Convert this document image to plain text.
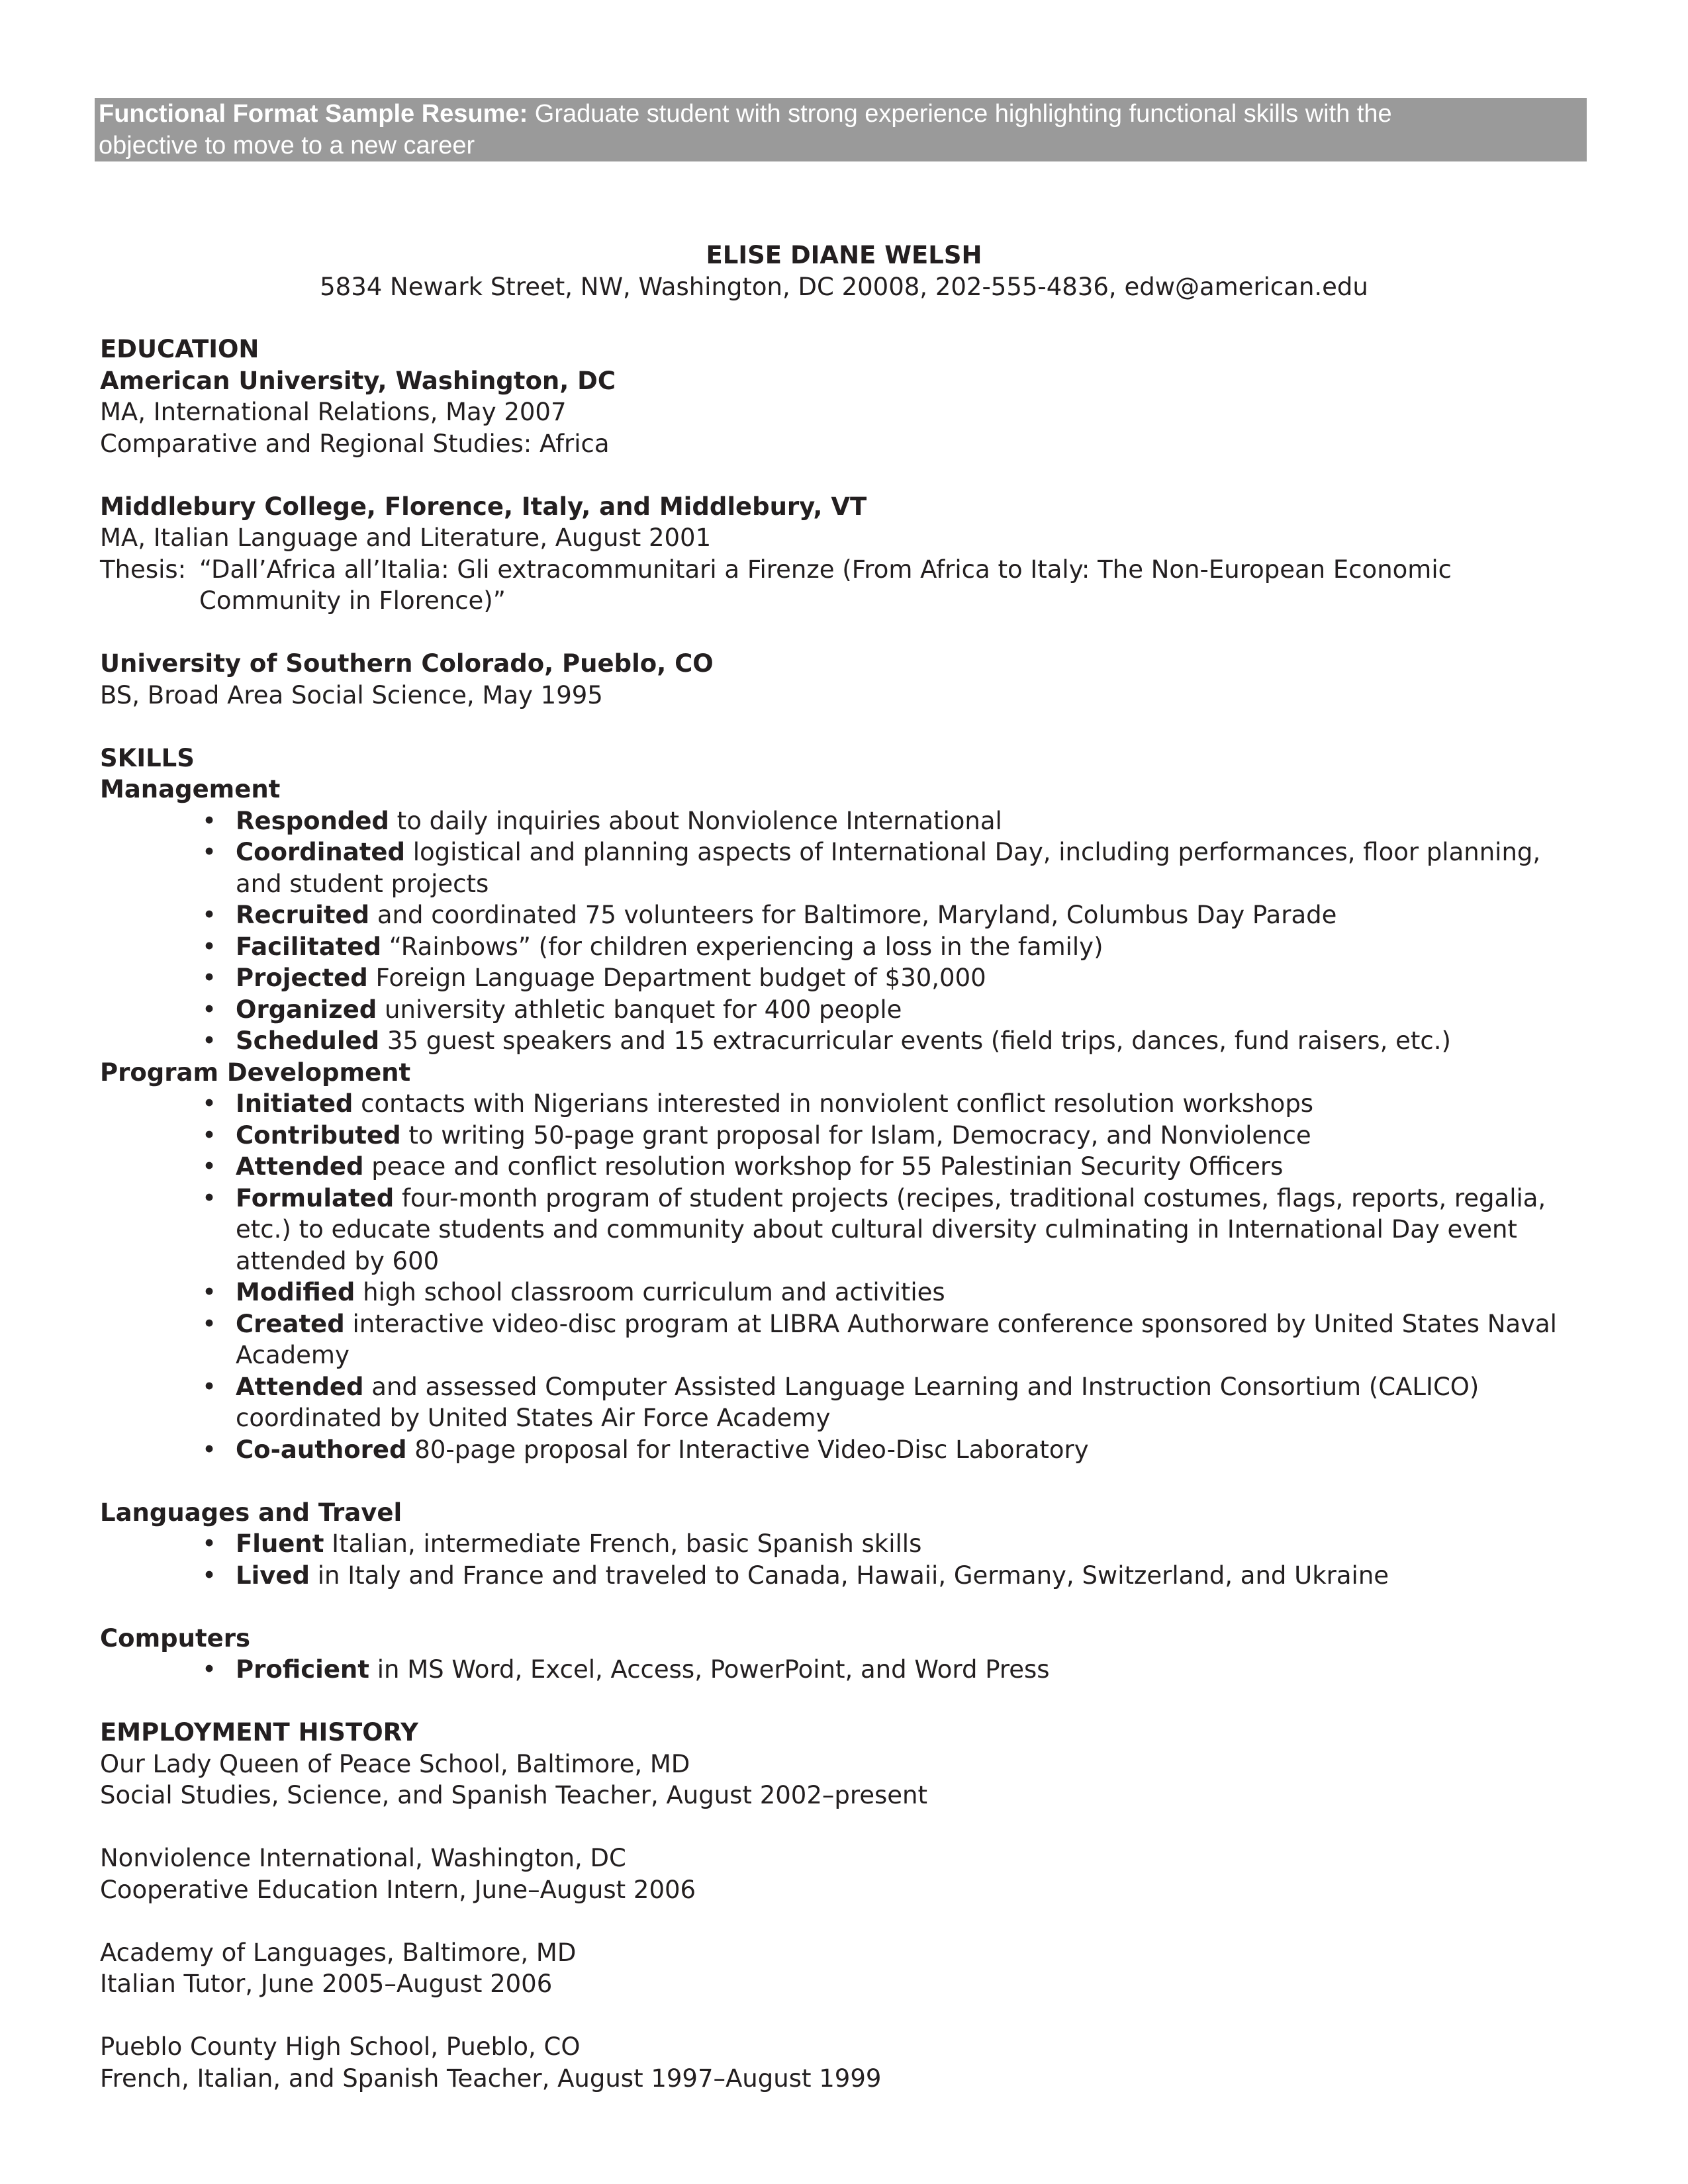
Functional Format Sample Resume: Graduate student with strong experience highlighting functional skills with the
objective to move to a new career
ELISE DIANE WELSH
5834 Newark Street, NW, Washington, DC 20008, 202-555-4836, edw@american.edu

EDUCATION

American University, Washington, DC

MA, International Relations, May 2007

Comparative and Regional Studies: Africa

Middlebury College, Florence, Italy, and Middlebury, VT

MA, Italian Language and Literature, August 2001

Thesis: “Dall’Africa all’Italia: Gli extracommunitari a Firenze (From Africa to Italy: The Non-European Economic Community in Florence)”

University of Southern Colorado, Pueblo, CO

BS, Broad Area Social Science, May 1995

SKILLS

Management

• Responded to daily inquiries about Nonviolence International
• Coordinated logistical and planning aspects of International Day, including performances, floor planning, and student projects
• Recruited and coordinated 75 volunteers for Baltimore, Maryland, Columbus Day Parade
• Facilitated “Rainbows” (for children experiencing a loss in the family)
• Projected Foreign Language Department budget of $30,000
• Organized university athletic banquet for 400 people
• Scheduled 35 guest speakers and 15 extracurricular events (field trips, dances, fund raisers, etc.)

Program Development

• Initiated contacts with Nigerians interested in nonviolent conflict resolution workshops
• Contributed to writing 50-page grant proposal for Islam, Democracy, and Nonviolence
• Attended peace and conflict resolution workshop for 55 Palestinian Security Officers
• Formulated four-month program of student projects (recipes, traditional costumes, flags, reports, regalia, etc.) to educate students and community about cultural diversity culminating in International Day event attended by 600
• Modified high school classroom curriculum and activities
• Created interactive video-disc program at LIBRA Authorware conference sponsored by United States Naval Academy
• Attended and assessed Computer Assisted Language Learning and Instruction Consortium (CALICO) coordinated by United States Air Force Academy
• Co-authored 80-page proposal for Interactive Video-Disc Laboratory

Languages and Travel

• Fluent Italian, intermediate French, basic Spanish skills
• Lived in Italy and France and traveled to Canada, Hawaii, Germany, Switzerland, and Ukraine

Computers

• Proficient in MS Word, Excel, Access, PowerPoint, and Word Press

EMPLOYMENT HISTORY

Our Lady Queen of Peace School, Baltimore, MD

Social Studies, Science, and Spanish Teacher, August 2002–present

Nonviolence International, Washington, DC

Cooperative Education Intern, June–August 2006

Academy of Languages, Baltimore, MD

Italian Tutor, June 2005–August 2006

Pueblo County High School, Pueblo, CO

French, Italian, and Spanish Teacher, August 1997–August 1999
